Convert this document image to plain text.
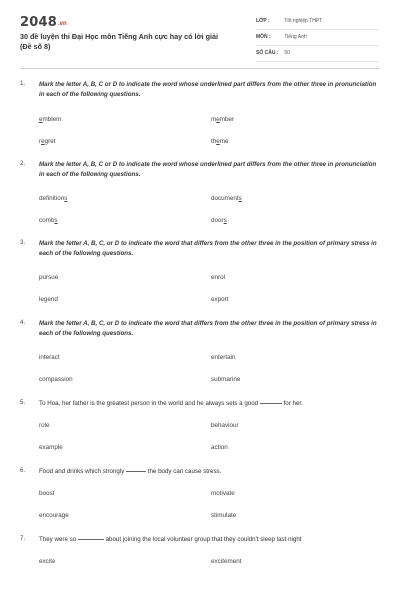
2048.vn
30 đề luyện thi Đại Học môn Tiếng Anh cực hay có lời giải (Đề số 8)
LỚP :	Tốt nghiệp THPT
MÔN :	Tiếng Anh
SỐ CÂU : 50
1. Mark the letter A, B, C or D to indicate the word whose underlined part differs from the other three in pronunciation in each of the following questions.
emblem	member
regret	theme
2. Mark the letter A, B, C or D to indicate the word whose underlined part differs from the other three in pronunciation in each of the following questions.
definitions	documents
combs	doors
3. Mark the fetter A, B, C, or D to indicate the word that differs from the other three in the position of primary stress in each of the following questions.
pursue	enrol
legend	export
4. Mark the fetter A, B, C, or D to indicate the word that differs from the other three in the position of primary stress in each of the following questions.
interact	entertain
compassion	submarine
5. To Hoa, her father is the greatest person in the world and he always sets a good	for her.
role	behaviour
example	action
6. Food and drinks which strongly	the body can cause stress.
boost	motivate
encourage	stimulate
7. They were so	about joining the local volunteer group that they couldn't sleep last night
excite	excitement
